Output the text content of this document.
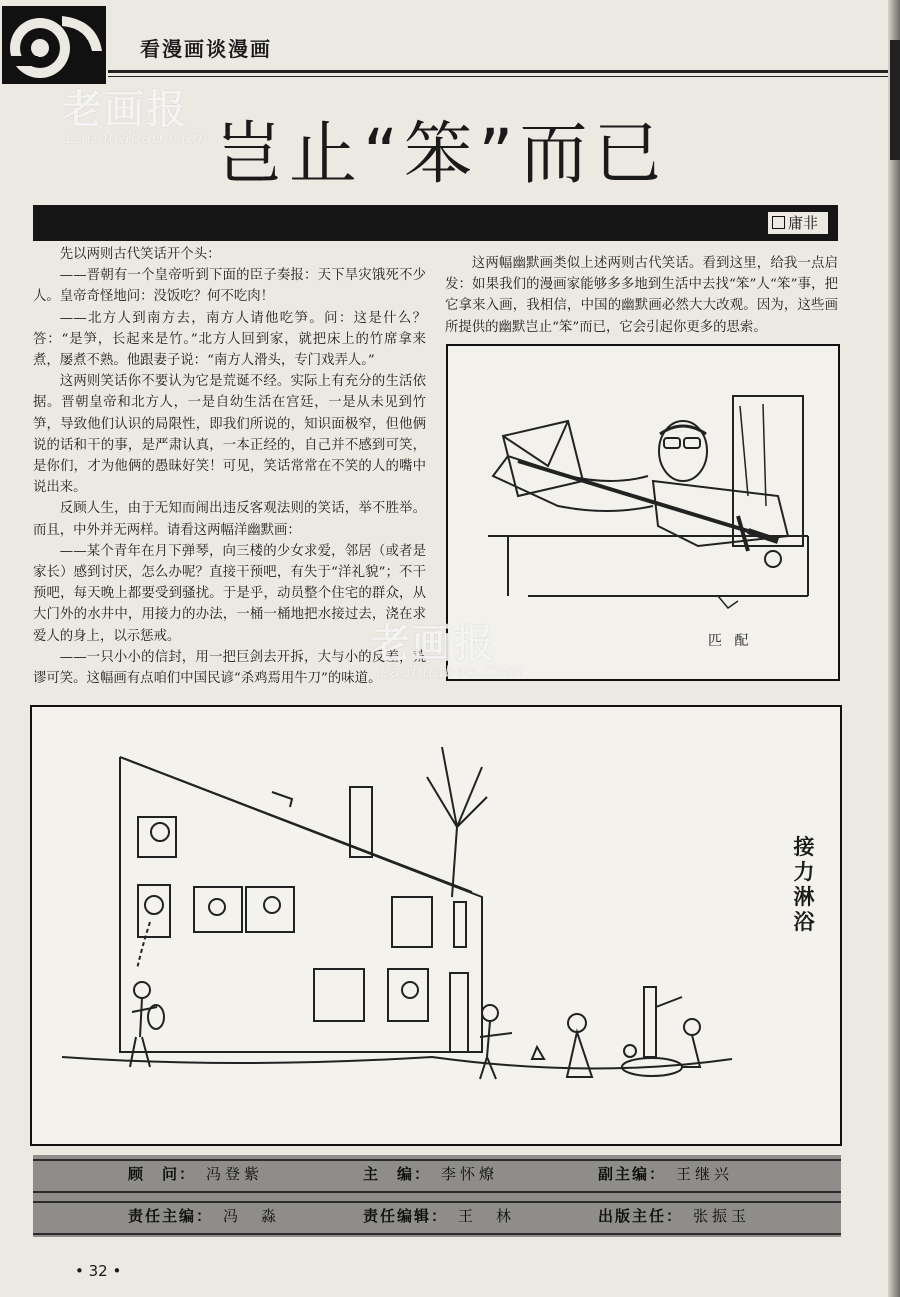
看漫画谈漫画
老画报
Laohuabao.Com 岂止“笨”而已
庸非

先以两则古代笑话开个头：

——晋朝有一个皇帝听到下面的臣子奏报：天下旱灾饿死不少人。皇帝奇怪地问：没饭吃？何不吃肉！

——北方人到南方去，南方人请他吃笋。问：这是什么？答：“是笋，长起来是竹。”北方人回到家，就把床上的竹席拿来煮，屡煮不熟。他跟妻子说：“南方人滑头，专门戏弄人。”

这两则笑话你不要认为它是荒诞不经。实际上有充分的生活依据。晋朝皇帝和北方人，一是自幼生活在宫廷，一是从未见到竹笋，导致他们认识的局限性，即我们所说的，知识面极窄，但他俩说的话和干的事，是严肃认真，一本正经的，自己并不感到可笑，是你们，才为他俩的愚昧好笑！可见，笑话常常在不笑的人的嘴中说出来。

反顾人生，由于无知而闹出违反客观法则的笑话，举不胜举。而且，中外并无两样。请看这两幅洋幽默画：

——某个青年在月下弹琴，向三楼的少女求爱，邻居（或者是家长）感到讨厌，怎么办呢？直接干预吧，有失于“洋礼貌”；不干预吧，每天晚上都要受到骚扰。于是乎，动员整个住宅的群众，从大门外的水井中，用接力的办法，一桶一桶地把水接过去，浇在求爱人的身上，以示惩戒。

——一只小小的信封，用一把巨剑去开拆，大与小的反差，荒谬可笑。这幅画有点咱们中国民谚“杀鸡焉用牛刀”的味道。

这两幅幽默画类似上述两则古代笑话。看到这里，给我一点启发：如果我们的漫画家能够多多地到生活中去找“笨”人“笨”事，把它拿来入画，我相信，中国的幽默画必然大大改观。因为，这些画所提供的幽默岂止“笨”而已，它会引起你更多的思索。

匹 配
老画报
Laohuabao.Com
接力淋浴
顾　问： 冯登紫	主　编： 李怀燎	副主编： 王继兴
责任主编： 冯　淼	责任编辑： 王　林	出版主任： 张振玉
• 32 •
